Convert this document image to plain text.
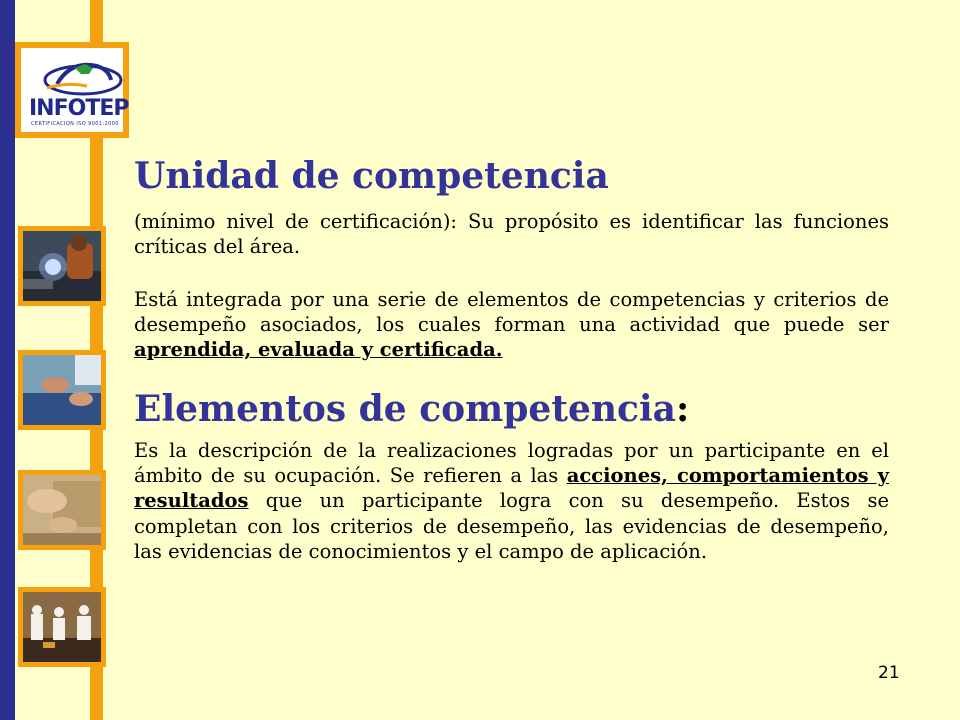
INFOTEP
CERTIFICACION ISO 9001:2000
Unidad de competencia

(mínimo nivel de certificación): Su propósito es identificar las funciones críticas del área.

Está integrada por una serie de elementos de competencias y criterios de desempeño asociados, los cuales forman una actividad que puede ser aprendida, evaluada y certificada.

Elementos de competencia:

Es la descripción de la realizaciones logradas por un participante en el ámbito de su ocupación. Se refieren a las acciones, comportamientos y resultados que un participante logra con su desempeño. Estos se completan con los criterios de desempeño, las evidencias de desempeño, las evidencias de conocimientos y el campo de aplicación.

21
